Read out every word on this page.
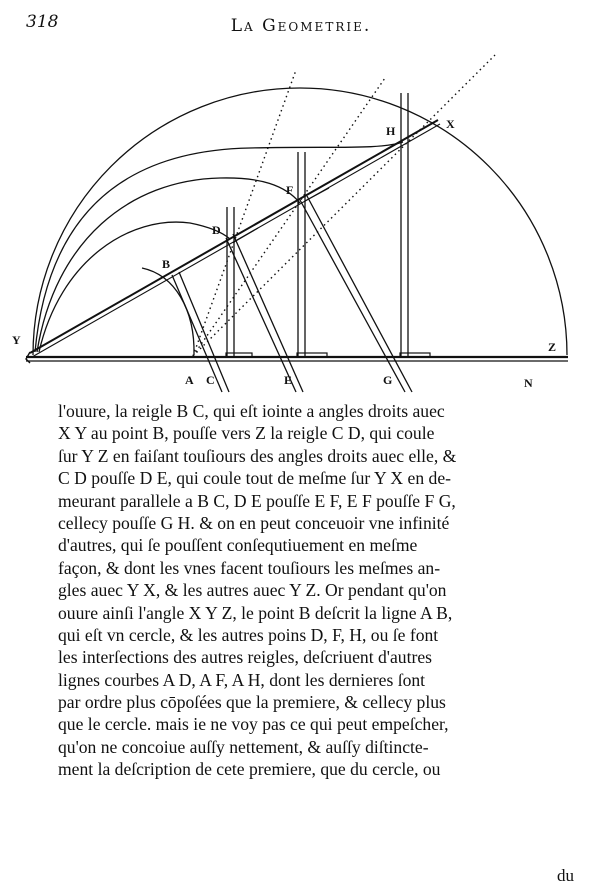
318	La Geometrie.
Y	Z
X
A
B
C
D
E
F
G
H
N
l'ouure, la reigle B C, qui eſt iointe a angles droits auec
X Y au point B, pouſſe vers Z la reigle C D, qui coule
ſur Y Z en faiſant touſiours des angles droits auec elle, &
C D pouſſe D E, qui coule tout de meſme ſur Y X en de-
meurant parallele a B C, D E pouſſe E F, E F pouſſe F G,
cellecy pouſſe G H. & on en peut conceuoir vne infinité
d'autres, qui ſe pouſſent conſequtiuement en meſme
façon, & dont les vnes facent touſiours les meſmes an-
gles auec Y X, & les autres auec Y Z. Or pendant qu'on
ouure ainſi l'angle X Y Z, le point B deſcrit la ligne A B,
qui eſt vn cercle, & les autres poins D, F, H, ou ſe font
les interſections des autres reigles, deſcriuent d'autres
lignes courbes A D, A F, A H, dont les dernieres ſont
par ordre plus cōpoſées que la premiere, & cellecy plus
que le cercle. mais ie ne voy pas ce qui peut empeſcher,
qu'on ne concoiue auſſy nettement, & auſſy diſtincte-
ment la deſcription de cete premiere, que du cercle, ou
du
